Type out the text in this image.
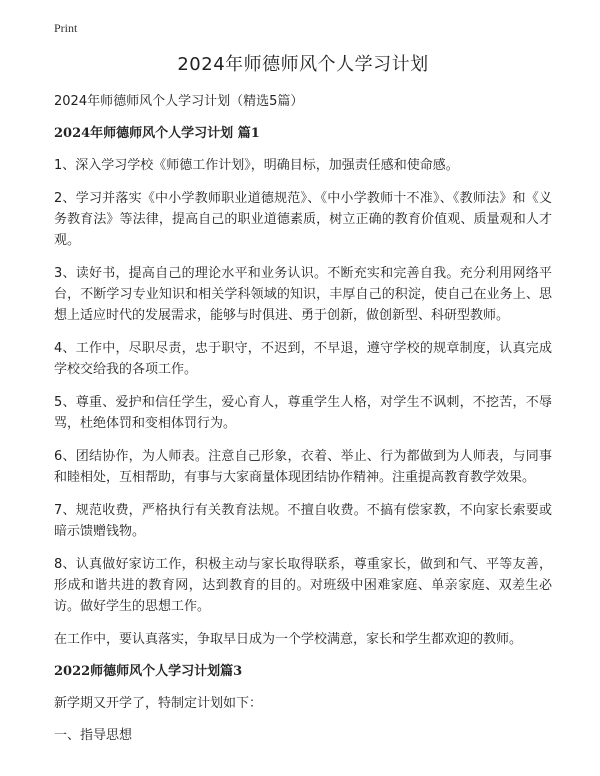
Print
2024年师德师风个人学习计划

2024年师德师风个人学习计划（精选5篇）

2024年师德师风个人学习计划 篇1

1、深入学习学校《师德工作计划》，明确目标，加强责任感和使命感。

2、学习并落实《中小学教师职业道德规范》、《中小学教师十不准》、《教师法》和《义务教育法》等法律，提高自己的职业道德素质，树立正确的教育价值观、质量观和人才观。

3、读好书，提高自己的理论水平和业务认识。不断充实和完善自我。充分利用网络平台，不断学习专业知识和相关学科领域的知识，丰厚自己的积淀，使自己在业务上、思想上适应时代的发展需求，能够与时俱进、勇于创新，做创新型、科研型教师。

4、工作中，尽职尽责，忠于职守，不迟到，不早退，遵守学校的规章制度，认真完成学校交给我的各项工作。

5、尊重、爱护和信任学生，爱心育人，尊重学生人格，对学生不讽刺，不挖苦，不辱骂，杜绝体罚和变相体罚行为。

6、团结协作，为人师表。注意自己形象，衣着、举止、行为都做到为人师表，与同事和睦相处，互相帮助，有事与大家商量体现团结协作精神。注重提高教育教学效果。

7、规范收费，严格执行有关教育法规。不擅自收费。不搞有偿家教，不向家长索要或暗示馈赠钱物。

8、认真做好家访工作，积极主动与家长取得联系，尊重家长，做到和气、平等友善，形成和谐共进的教育网，达到教育的目的。对班级中困难家庭、单亲家庭、双差生必访。做好学生的思想工作。

在工作中，要认真落实，争取早日成为一个学校满意，家长和学生都欢迎的教师。

2022师德师风个人学习计划篇3

新学期又开学了，特制定计划如下：

一、指导思想
